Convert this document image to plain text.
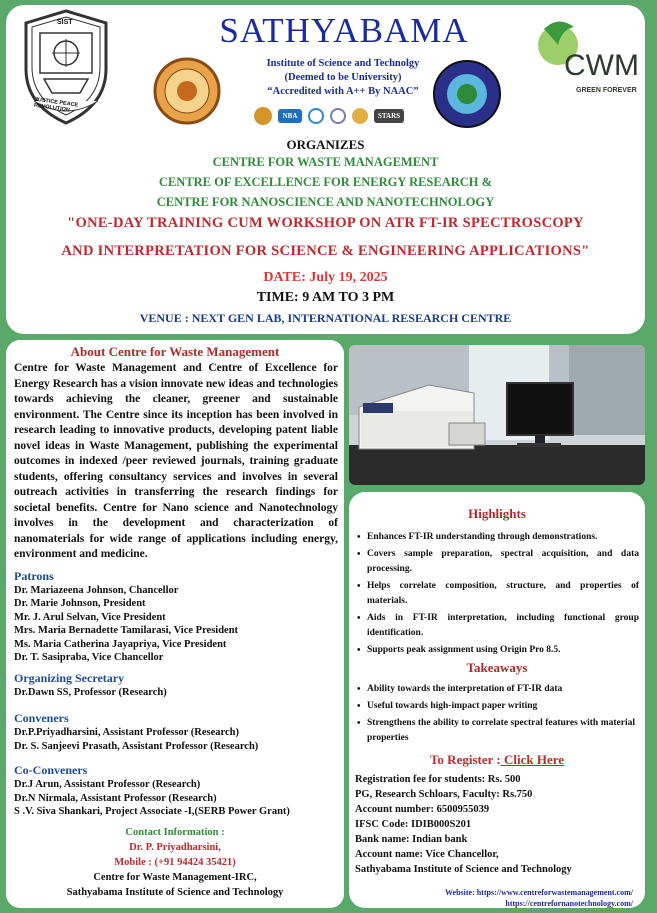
SIST
JUSTICE PEACE REVOLUTION
SATHYABAMA
Institute of Science and Technolgy
(Deemed to be University)
“Accredited with A++ By NAAC”
NBA	STARS
CWM
GREEN FOREVER
ORGANIZES
CENTRE FOR WASTE MANAGEMENT
CENTRE OF EXCELLENCE FOR ENERGY RESEARCH &
CENTRE FOR NANOSCIENCE AND NANOTECHNOLOGY
"ONE-DAY TRAINING CUM WORKSHOP ON ATR FT-IR SPECTROSCOPY
AND INTERPRETATION FOR SCIENCE & ENGINEERING APPLICATIONS"
DATE: July 19, 2025
TIME: 9 AM TO 3 PM
VENUE : NEXT GEN LAB, INTERNATIONAL RESEARCH CENTRE
About Centre for Waste Management
Centre for Waste Management and Centre of Excellence for Energy Research has a vision innovate new ideas and technologies towards achieving the cleaner, greener and sustainable environment. The Centre since its inception has been involved in research leading to innovative products, developing patent liable novel ideas in Waste Management, publishing the experimental outcomes in indexed /peer reviewed journals, training graduate students, offering consultancy services and involves in several outreach activities in transferring the research findings for societal benefits. Centre for Nano science and Nanotechnology involves in the development and characterization of nanomaterials for wide range of applications including energy, environment and medicine.
Patrons
Dr. Mariazeena Johnson, Chancellor
Dr. Marie Johnson, President
Mr. J. Arul Selvan, Vice President
Mrs. Maria Bernadette Tamilarasi, Vice President
Ms. Maria Catherina Jayapriya, Vice President
Dr. T. Sasipraba, Vice Chancellor
Organizing Secretary
Dr.Dawn SS, Professor (Research)
Conveners
Dr.P.Priyadharsini, Assistant Professor (Research)
Dr. S. Sanjeevi Prasath, Assistant Professor (Research)
Co-Conveners
Dr.J Arun, Assistant Professor (Research)
Dr.N Nirmala, Assistant Professor (Research)
S .V. Siva Shankari, Project Associate -I,(SERB Power Grant)
Contact Information :
Dr. P. Priyadharsini,
Mobile : (+91 94424 35421)
Centre for Waste Management-IRC,
Sathyabama Institute of Science and Technology
Highlights
• Enhances FT-IR understanding through demonstrations.
• Covers sample preparation, spectral acquisition, and data processing.
• Helps correlate composition, structure, and properties of materials.
• Aids in FT-IR interpretation, including functional group identification.
• Supports peak assignment using Origin Pro 8.5.
Takeaways
• Ability towards the interpretation of FT-IR data
• Useful towards high-impact paper writing
• Strengthens the ability to correlate spectral features with material properties
To Register : Click Here
Registration fee for students: Rs. 500
PG, Research Schloars, Faculty: Rs.750
Account number: 6500955039
IFSC Code: IDIB000S201
Bank name: Indian bank
Account name: Vice Chancellor,
Sathyabama Institute of Science and Technology
Website: https://www.centreforwastemanagement.com/
https://centrefornanotechnology.com/
